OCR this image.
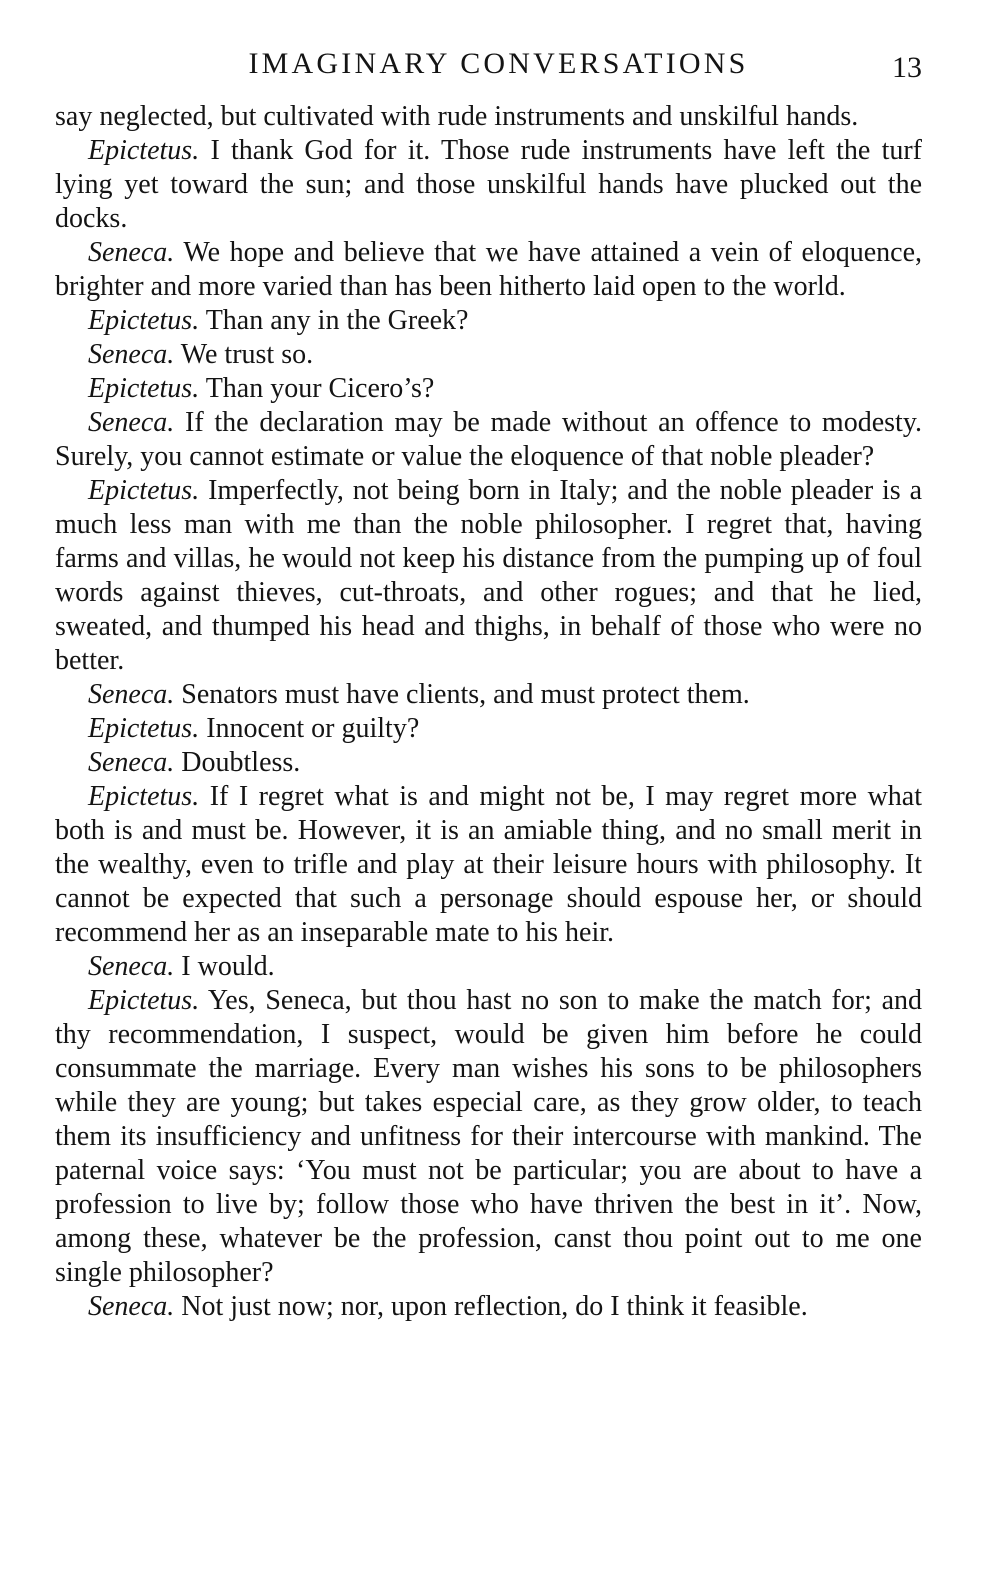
IMAGINARY CONVERSATIONS	13

say neglected, but cultivated with rude instruments and unskilful hands.

Epictetus. I thank God for it. Those rude instruments have left the turf lying yet toward the sun; and those unskilful hands have plucked out the docks.

Seneca. We hope and believe that we have attained a vein of eloquence, brighter and more varied than has been hitherto laid open to the world.

Epictetus. Than any in the Greek?

Seneca. We trust so.

Epictetus. Than your Cicero’s?

Seneca. If the declaration may be made without an offence to modesty. Surely, you cannot estimate or value the eloquence of that noble pleader?

Epictetus. Imperfectly, not being born in Italy; and the noble pleader is a much less man with me than the noble philosopher. I regret that, having farms and villas, he would not keep his distance from the pumping up of foul words against thieves, cut-throats, and other rogues; and that he lied, sweated, and thumped his head and thighs, in behalf of those who were no better.

Seneca. Senators must have clients, and must protect them.

Epictetus. Innocent or guilty?

Seneca. Doubtless.

Epictetus. If I regret what is and might not be, I may regret more what both is and must be. However, it is an amiable thing, and no small merit in the wealthy, even to trifle and play at their leisure hours with philosophy. It cannot be expected that such a personage should espouse her, or should recommend her as an inseparable mate to his heir.

Seneca. I would.

Epictetus. Yes, Seneca, but thou hast no son to make the match for; and thy recommendation, I suspect, would be given him before he could consummate the marriage. Every man wishes his sons to be philosophers while they are young; but takes especial care, as they grow older, to teach them its insufficiency and unfitness for their intercourse with mankind. The paternal voice says: ‘You must not be particular; you are about to have a profession to live by; follow those who have thriven the best in it’. Now, among these, whatever be the profession, canst thou point out to me one single philosopher?

Seneca. Not just now; nor, upon reflection, do I think it feasible.
